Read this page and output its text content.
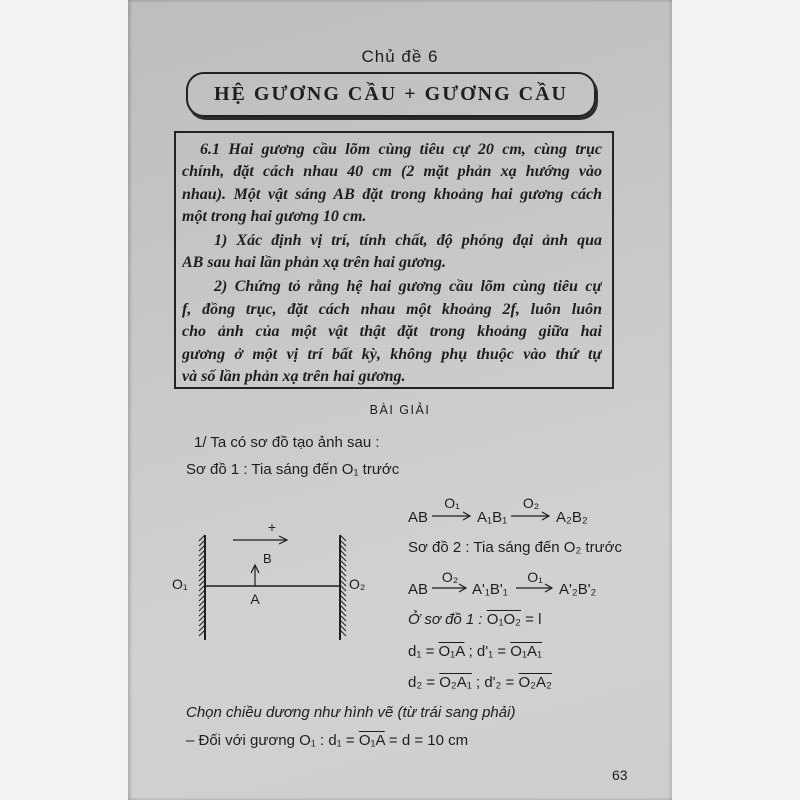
Chủ đề 6
HỆ GƯƠNG CẦU + GƯƠNG CẦU
6.1 Hai gương cầu lõm cùng tiêu cự 20 cm, cùng trục
chính, đặt cách nhau 40 cm (2 mặt phản xạ hướng vào
nhau). Một vật sáng AB đặt trong khoảng hai gương cách
một trong hai gương 10 cm.
1) Xác định vị trí, tính chất, độ phóng đại ảnh qua
AB sau hai lần phản xạ trên hai gương.
2) Chứng tỏ rằng hệ hai gương cầu lõm cùng tiêu cự
f, đồng trục, đặt cách nhau một khoảng 2f, luôn luôn
cho ảnh của một vật thật đặt trong khoảng giữa hai
gương ở một vị trí bất kỳ, không phụ thuộc vào thứ tự
và số lần phản xạ trên hai gương.
BÀI GIẢI
1/ Ta có sơ đồ tạo ảnh sau :
Sơ đồ 1 : Tia sáng đến O₁ trước
AB
O₁
A₁B₁
O₂
A₂B₂
Sơ đồ 2 : Tia sáng đến O₂ trước
AB
O₂
A'₁B'₁
O₁
A'₂B'₂
Ở sơ đồ 1 : O₁O₂ = l
d₁ = O₁A ; d'₁ = O₁A₁
d₂ = O₂A₁ ; d'₂ = O₂A₂
+
B
A
O₁	O₂
Chọn chiều dương như hình vẽ (từ trái sang phải)
– Đối với gương O₁ : d₁ = O₁A = d = 10 cm
63
